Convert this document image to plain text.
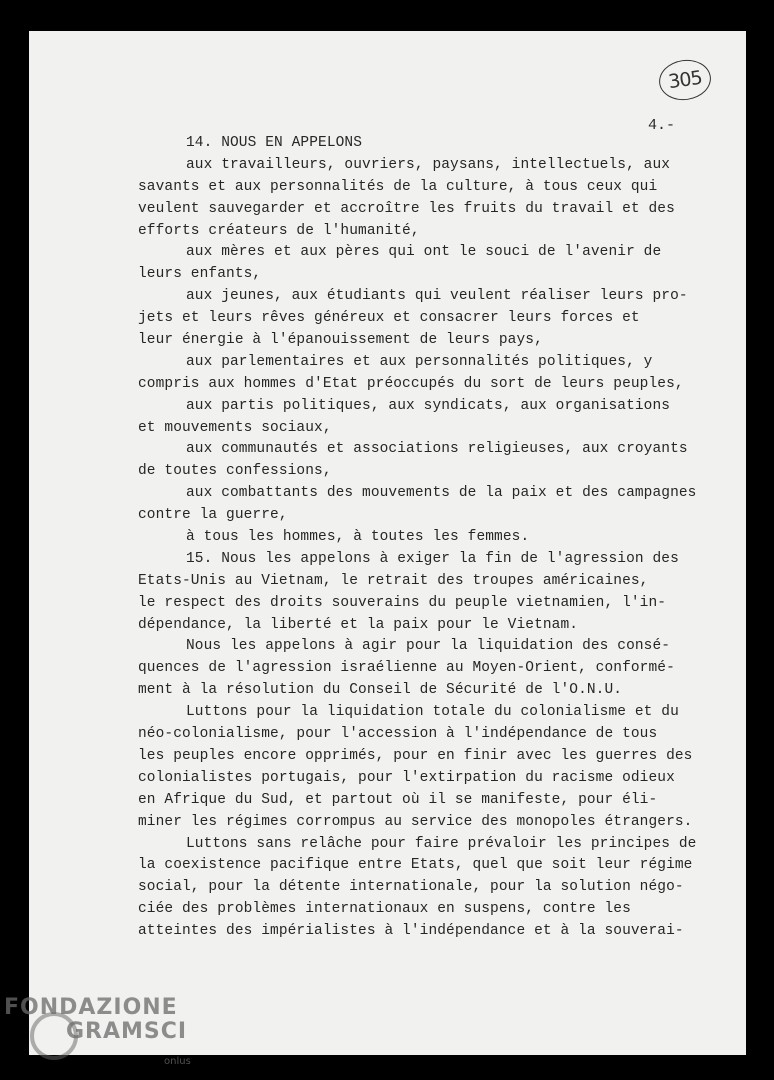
305
4.-
14. NOUS EN APPELONS
aux travailleurs, ouvriers, paysans, intellectuels, aux
savants et aux personnalités de la culture, à tous ceux qui
veulent sauvegarder et accroître les fruits du travail et des
efforts créateurs de l'humanité,
aux mères et aux pères qui ont le souci de l'avenir de
leurs enfants,
aux jeunes, aux étudiants qui veulent réaliser leurs pro-
jets et leurs rêves généreux et consacrer leurs forces et
leur énergie à l'épanouissement de leurs pays,
aux parlementaires et aux personnalités politiques, y
compris aux hommes d'Etat préoccupés du sort de leurs peuples,
aux partis politiques, aux syndicats, aux organisations
et mouvements sociaux,
aux communautés et associations religieuses, aux croyants
de toutes confessions,
aux combattants des mouvements de la paix et des campagnes
contre la guerre,
à tous les hommes, à toutes les femmes.
15. Nous les appelons à exiger la fin de l'agression des
Etats-Unis au Vietnam, le retrait des troupes américaines,
le respect des droits souverains du peuple vietnamien, l'in-
dépendance, la liberté et la paix pour le Vietnam.
Nous les appelons à agir pour la liquidation des consé-
quences de l'agression israélienne au Moyen-Orient, conformé-
ment à la résolution du Conseil de Sécurité de l'O.N.U.
Luttons pour la liquidation totale du colonialisme et du
néo-colonialisme, pour l'accession à l'indépendance de tous
les peuples encore opprimés, pour en finir avec les guerres des
colonialistes portugais, pour l'extirpation du racisme odieux
en Afrique du Sud, et partout où il se manifeste, pour éli-
miner les régimes corrompus au service des monopoles étrangers.
Luttons sans relâche pour faire prévaloir les principes de
la coexistence pacifique entre Etats, quel que soit leur régime
social, pour la détente internationale, pour la solution négo-
ciée des problèmes internationaux en suspens, contre les
atteintes des impérialistes à l'indépendance et à la souverai-
FONDAZIONE
GRAMSCI
onlus
